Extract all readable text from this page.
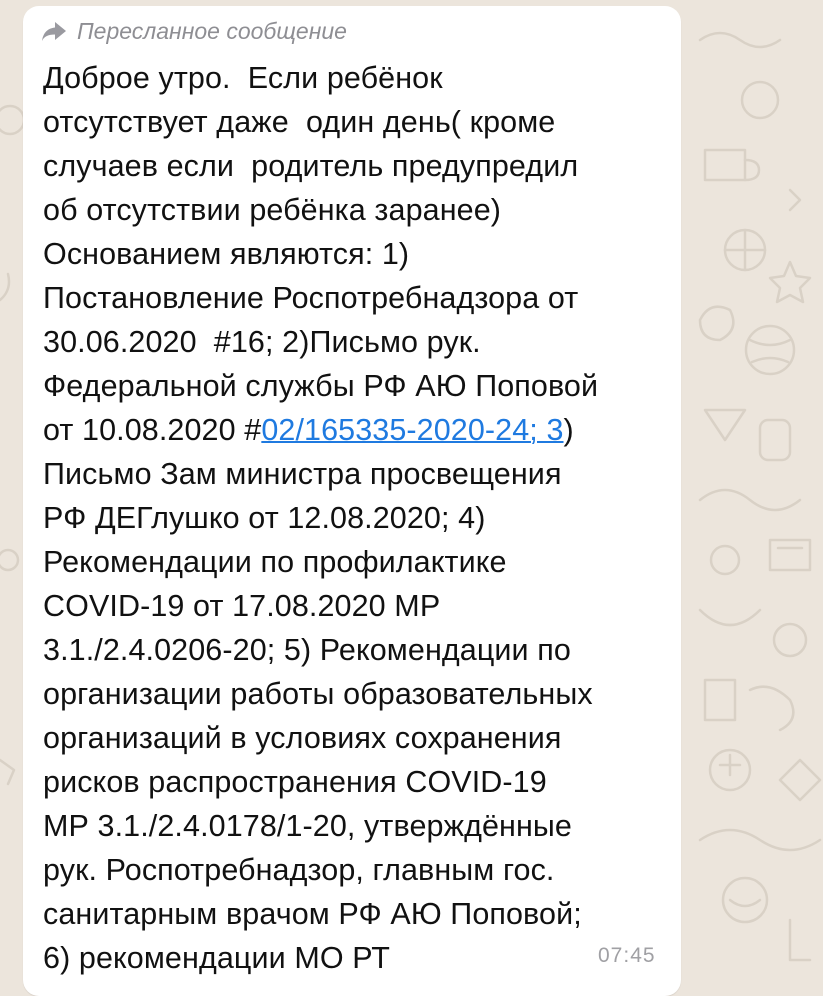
Пересланное сообщение
Доброе утро.  Если ребёнок
отсутствует даже  один день( кроме
случаев если  родитель предупредил
об отсутствии ребёнка заранее)
Основанием являются: 1)
Постановление Роспотребнадзора от
30.06.2020  #16; 2)Письмо рук.
Федеральной службы РФ АЮ Поповой
от 10.08.2020 #02/165335-2020-24; 3)
Письмо Зам министра просвещения
РФ ДЕГлушко от 12.08.2020; 4)
Рекомендации по профилактике
COVID-19 от 17.08.2020 МР
3.1./2.4.0206-20; 5) Рекомендации по
организации работы образовательных
организаций в условиях сохранения
рисков распространения COVID-19
МР 3.1./2.4.0178/1-20, утверждённые
рук. Роспотребнадзор, главным гос.
санитарным врачом РФ АЮ Поповой;
6) рекомендации МО РТ	07:45
